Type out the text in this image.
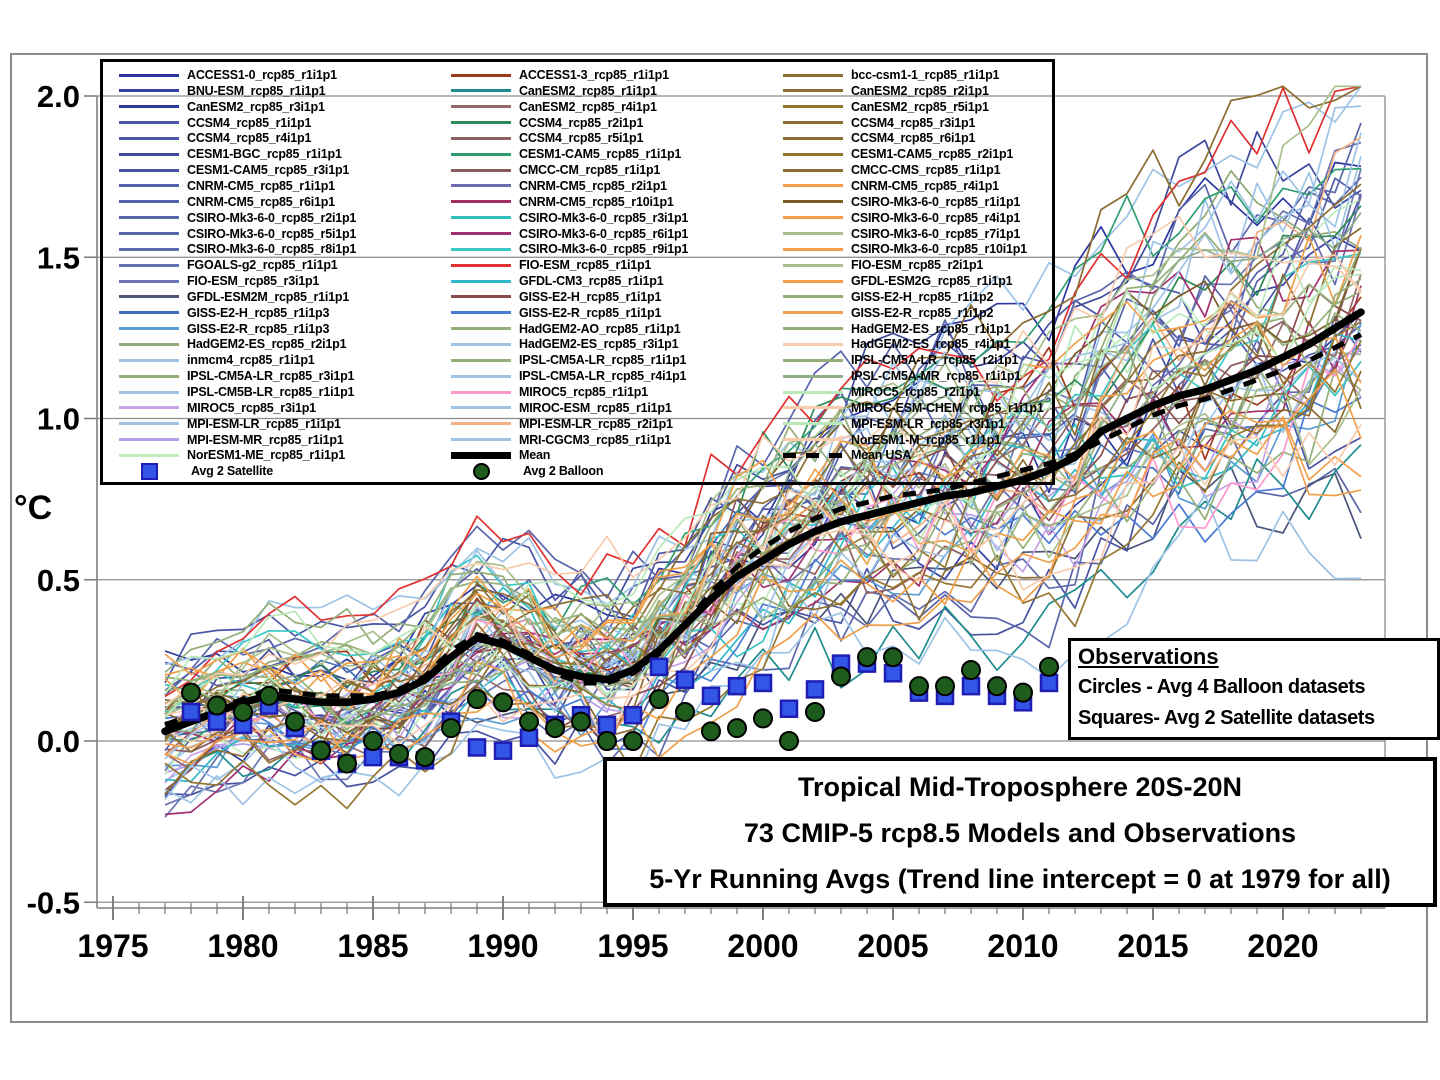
2.0
1.5
1.0
0.5
0.0
-0.5
1975 1980 1985 1990 1995 2000 2005 2010 2015 2020
°C
ACCESS1-0_rcp85_r1i1p1
BNU-ESM_rcp85_r1i1p1
CanESM2_rcp85_r3i1p1
CCSM4_rcp85_r1i1p1
CCSM4_rcp85_r4i1p1
CESM1-BGC_rcp85_r1i1p1
CESM1-CAM5_rcp85_r3i1p1
CNRM-CM5_rcp85_r1i1p1
CNRM-CM5_rcp85_r6i1p1
CSIRO-Mk3-6-0_rcp85_r2i1p1
CSIRO-Mk3-6-0_rcp85_r5i1p1
CSIRO-Mk3-6-0_rcp85_r8i1p1
FGOALS-g2_rcp85_r1i1p1
FIO-ESM_rcp85_r3i1p1
GFDL-ESM2M_rcp85_r1i1p1
GISS-E2-H_rcp85_r1i1p3
GISS-E2-R_rcp85_r1i1p3
HadGEM2-ES_rcp85_r2i1p1
inmcm4_rcp85_r1i1p1
IPSL-CM5A-LR_rcp85_r3i1p1
IPSL-CM5B-LR_rcp85_r1i1p1
MIROC5_rcp85_r3i1p1
MPI-ESM-LR_rcp85_r1i1p1
MPI-ESM-MR_rcp85_r1i1p1
NorESM1-ME_rcp85_r1i1p1
Avg 2 Satellite
ACCESS1-3_rcp85_r1i1p1
CanESM2_rcp85_r1i1p1
CanESM2_rcp85_r4i1p1
CCSM4_rcp85_r2i1p1
CCSM4_rcp85_r5i1p1
CESM1-CAM5_rcp85_r1i1p1
CMCC-CM_rcp85_r1i1p1
CNRM-CM5_rcp85_r2i1p1
CNRM-CM5_rcp85_r10i1p1
CSIRO-Mk3-6-0_rcp85_r3i1p1
CSIRO-Mk3-6-0_rcp85_r6i1p1
CSIRO-Mk3-6-0_rcp85_r9i1p1
FIO-ESM_rcp85_r1i1p1
GFDL-CM3_rcp85_r1i1p1
GISS-E2-H_rcp85_r1i1p1
GISS-E2-R_rcp85_r1i1p1
HadGEM2-AO_rcp85_r1i1p1
HadGEM2-ES_rcp85_r3i1p1
IPSL-CM5A-LR_rcp85_r1i1p1
IPSL-CM5A-LR_rcp85_r4i1p1
MIROC5_rcp85_r1i1p1
MIROC-ESM_rcp85_r1i1p1
MPI-ESM-LR_rcp85_r2i1p1
MRI-CGCM3_rcp85_r1i1p1
Mean
Avg 2 Balloon
bcc-csm1-1_rcp85_r1i1p1
CanESM2_rcp85_r2i1p1
CanESM2_rcp85_r5i1p1
CCSM4_rcp85_r3i1p1
CCSM4_rcp85_r6i1p1
CESM1-CAM5_rcp85_r2i1p1
CMCC-CMS_rcp85_r1i1p1
CNRM-CM5_rcp85_r4i1p1
CSIRO-Mk3-6-0_rcp85_r1i1p1
CSIRO-Mk3-6-0_rcp85_r4i1p1
CSIRO-Mk3-6-0_rcp85_r7i1p1
CSIRO-Mk3-6-0_rcp85_r10i1p1
FIO-ESM_rcp85_r2i1p1
GFDL-ESM2G_rcp85_r1i1p1
GISS-E2-H_rcp85_r1i1p2
GISS-E2-R_rcp85_r1i1p2
HadGEM2-ES_rcp85_r1i1p1
HadGEM2-ES_rcp85_r4i1p1
IPSL-CM5A-LR_rcp85_r2i1p1
IPSL-CM5A-MR_rcp85_r1i1p1
MIROC5_rcp85_r2i1p1
MIROC-ESM-CHEM_rcp85_r1i1p1
MPI-ESM-LR_rcp85_r3i1p1
NorESM1-M_rcp85_r1i1p1
Mean USA
Observations
Circles - Avg 4 Balloon datasets
Squares- Avg 2 Satellite datasets
Tropical Mid-Troposphere 20S-20N
73 CMIP-5 rcp8.5 Models and Observations
5-Yr Running Avgs (Trend line intercept = 0 at 1979 for all)
